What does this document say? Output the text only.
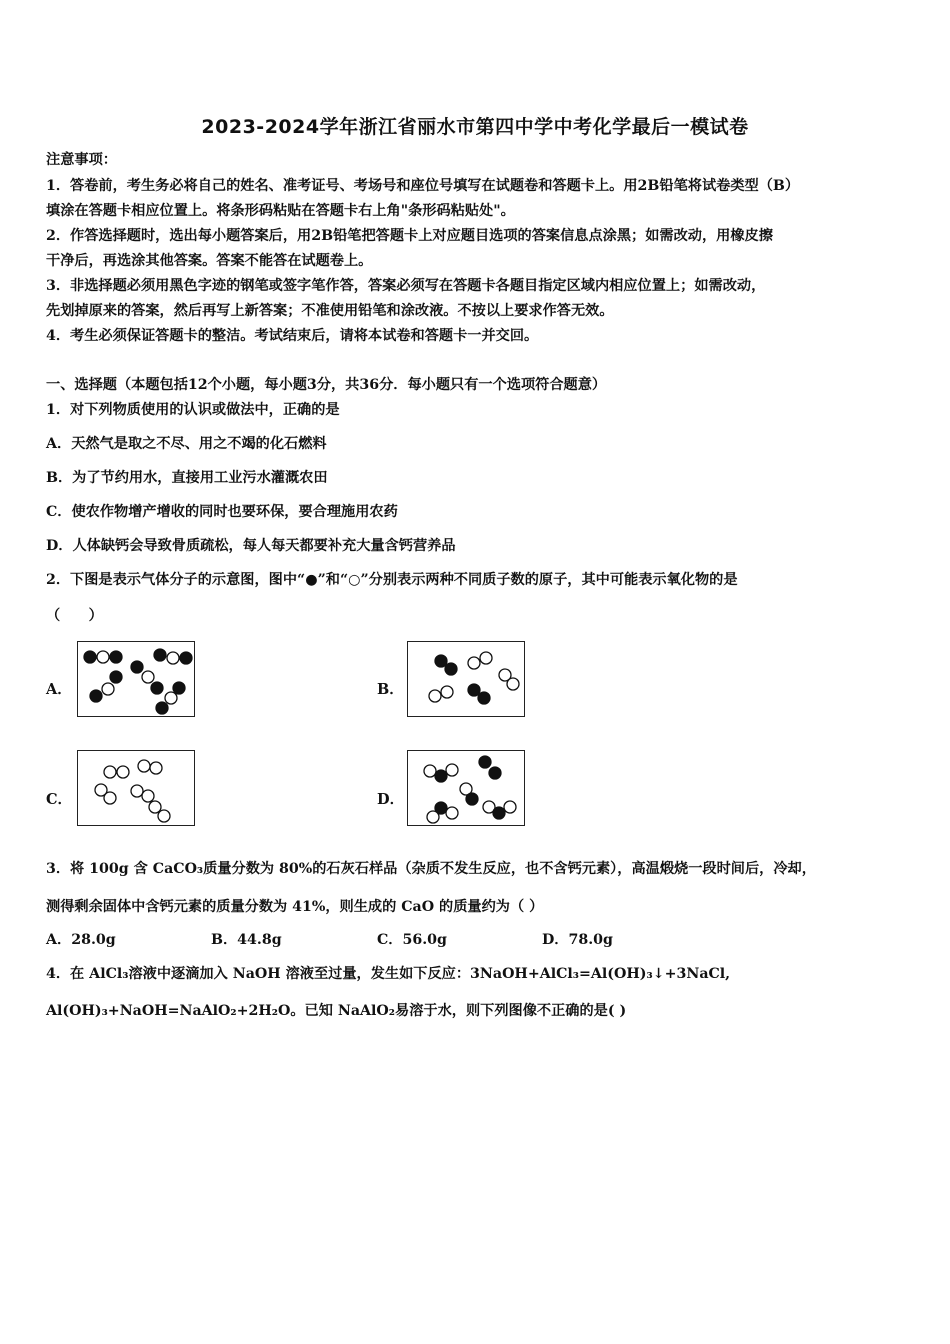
2023-2024学年浙江省丽水市第四中学中考化学最后一模试卷
注意事项：
1．答卷前，考生务必将自己的姓名、准考证号、考场号和座位号填写在试题卷和答题卡上。用2B铅笔将试卷类型（B）
填涂在答题卡相应位置上。将条形码粘贴在答题卡右上角"条形码粘贴处"。
2．作答选择题时，选出每小题答案后，用2B铅笔把答题卡上对应题目选项的答案信息点涂黑；如需改动，用橡皮擦
干净后，再选涂其他答案。答案不能答在试题卷上。
3．非选择题必须用黑色字迹的钢笔或签字笔作答，答案必须写在答题卡各题目指定区域内相应位置上；如需改动，
先划掉原来的答案，然后再写上新答案；不准使用铅笔和涂改液。不按以上要求作答无效。
4．考生必须保证答题卡的整洁。考试结束后，请将本试卷和答题卡一并交回。
一、选择题（本题包括12个小题，每小题3分，共36分．每小题只有一个选项符合题意）
1．对下列物质使用的认识或做法中，正确的是
A．天然气是取之不尽、用之不竭的化石燃料
B．为了节约用水，直接用工业污水灌溉农田
C．使农作物增产增收的同时也要环保，要合理施用农药
D．人体缺钙会导致骨质疏松，每人每天都要补充大量含钙营养品
2．下图是表示气体分子的示意图，图中“●”和“○”分别表示两种不同质子数的原子，其中可能表示氧化物的是
（　　）
A．	B．
C．	D．
3．将 100g 含 CaCO₃质量分数为 80%的石灰石样品（杂质不发生反应，也不含钙元素），高温煅烧一段时间后，冷却，
测得剩余固体中含钙元素的质量分数为 41%，则生成的 CaO 的质量约为（ ）
A．28.0g	B．44.8g	C．56.0g	D．78.0g
4．在 AlCl₃溶液中逐滴加入 NaOH 溶液至过量，发生如下反应：3NaOH+AlCl₃=Al(OH)₃↓+3NaCl,
Al(OH)₃+NaOH=NaAlO₂+2H₂O。已知 NaAlO₂易溶于水，则下列图像不正确的是( )
